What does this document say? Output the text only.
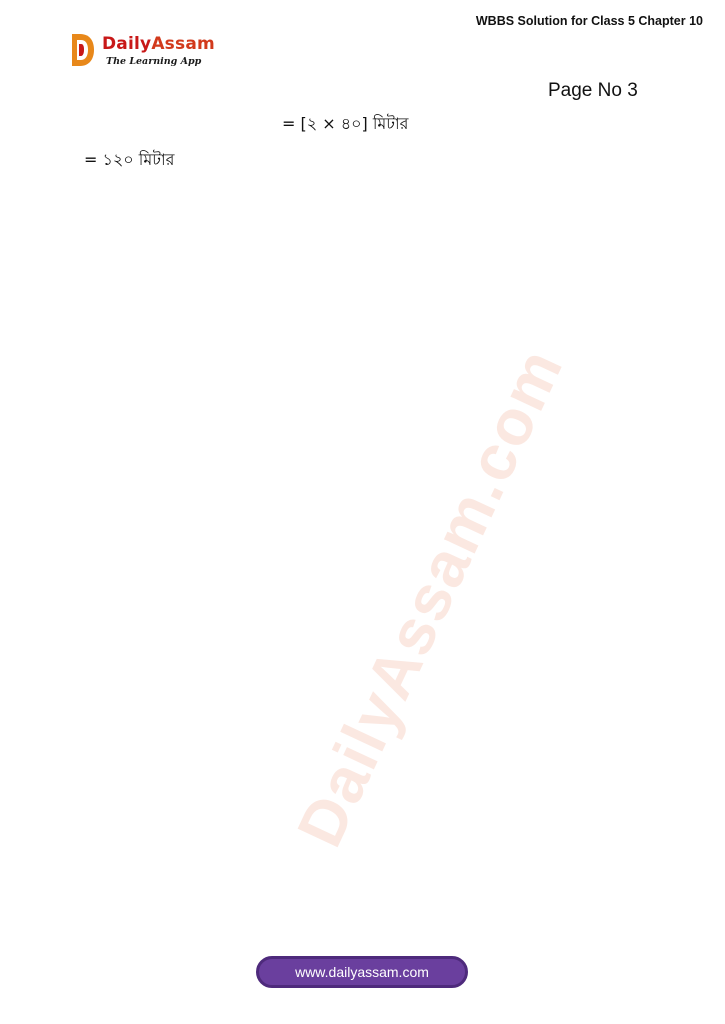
DailyAssam
The Learning App
WBBS Solution for Class 5 Chapter 10
Page No 3
DailyAssam.com
= [২ × ৪০] মিটার
= ১২০ মিটার
www.dailyassam.com
